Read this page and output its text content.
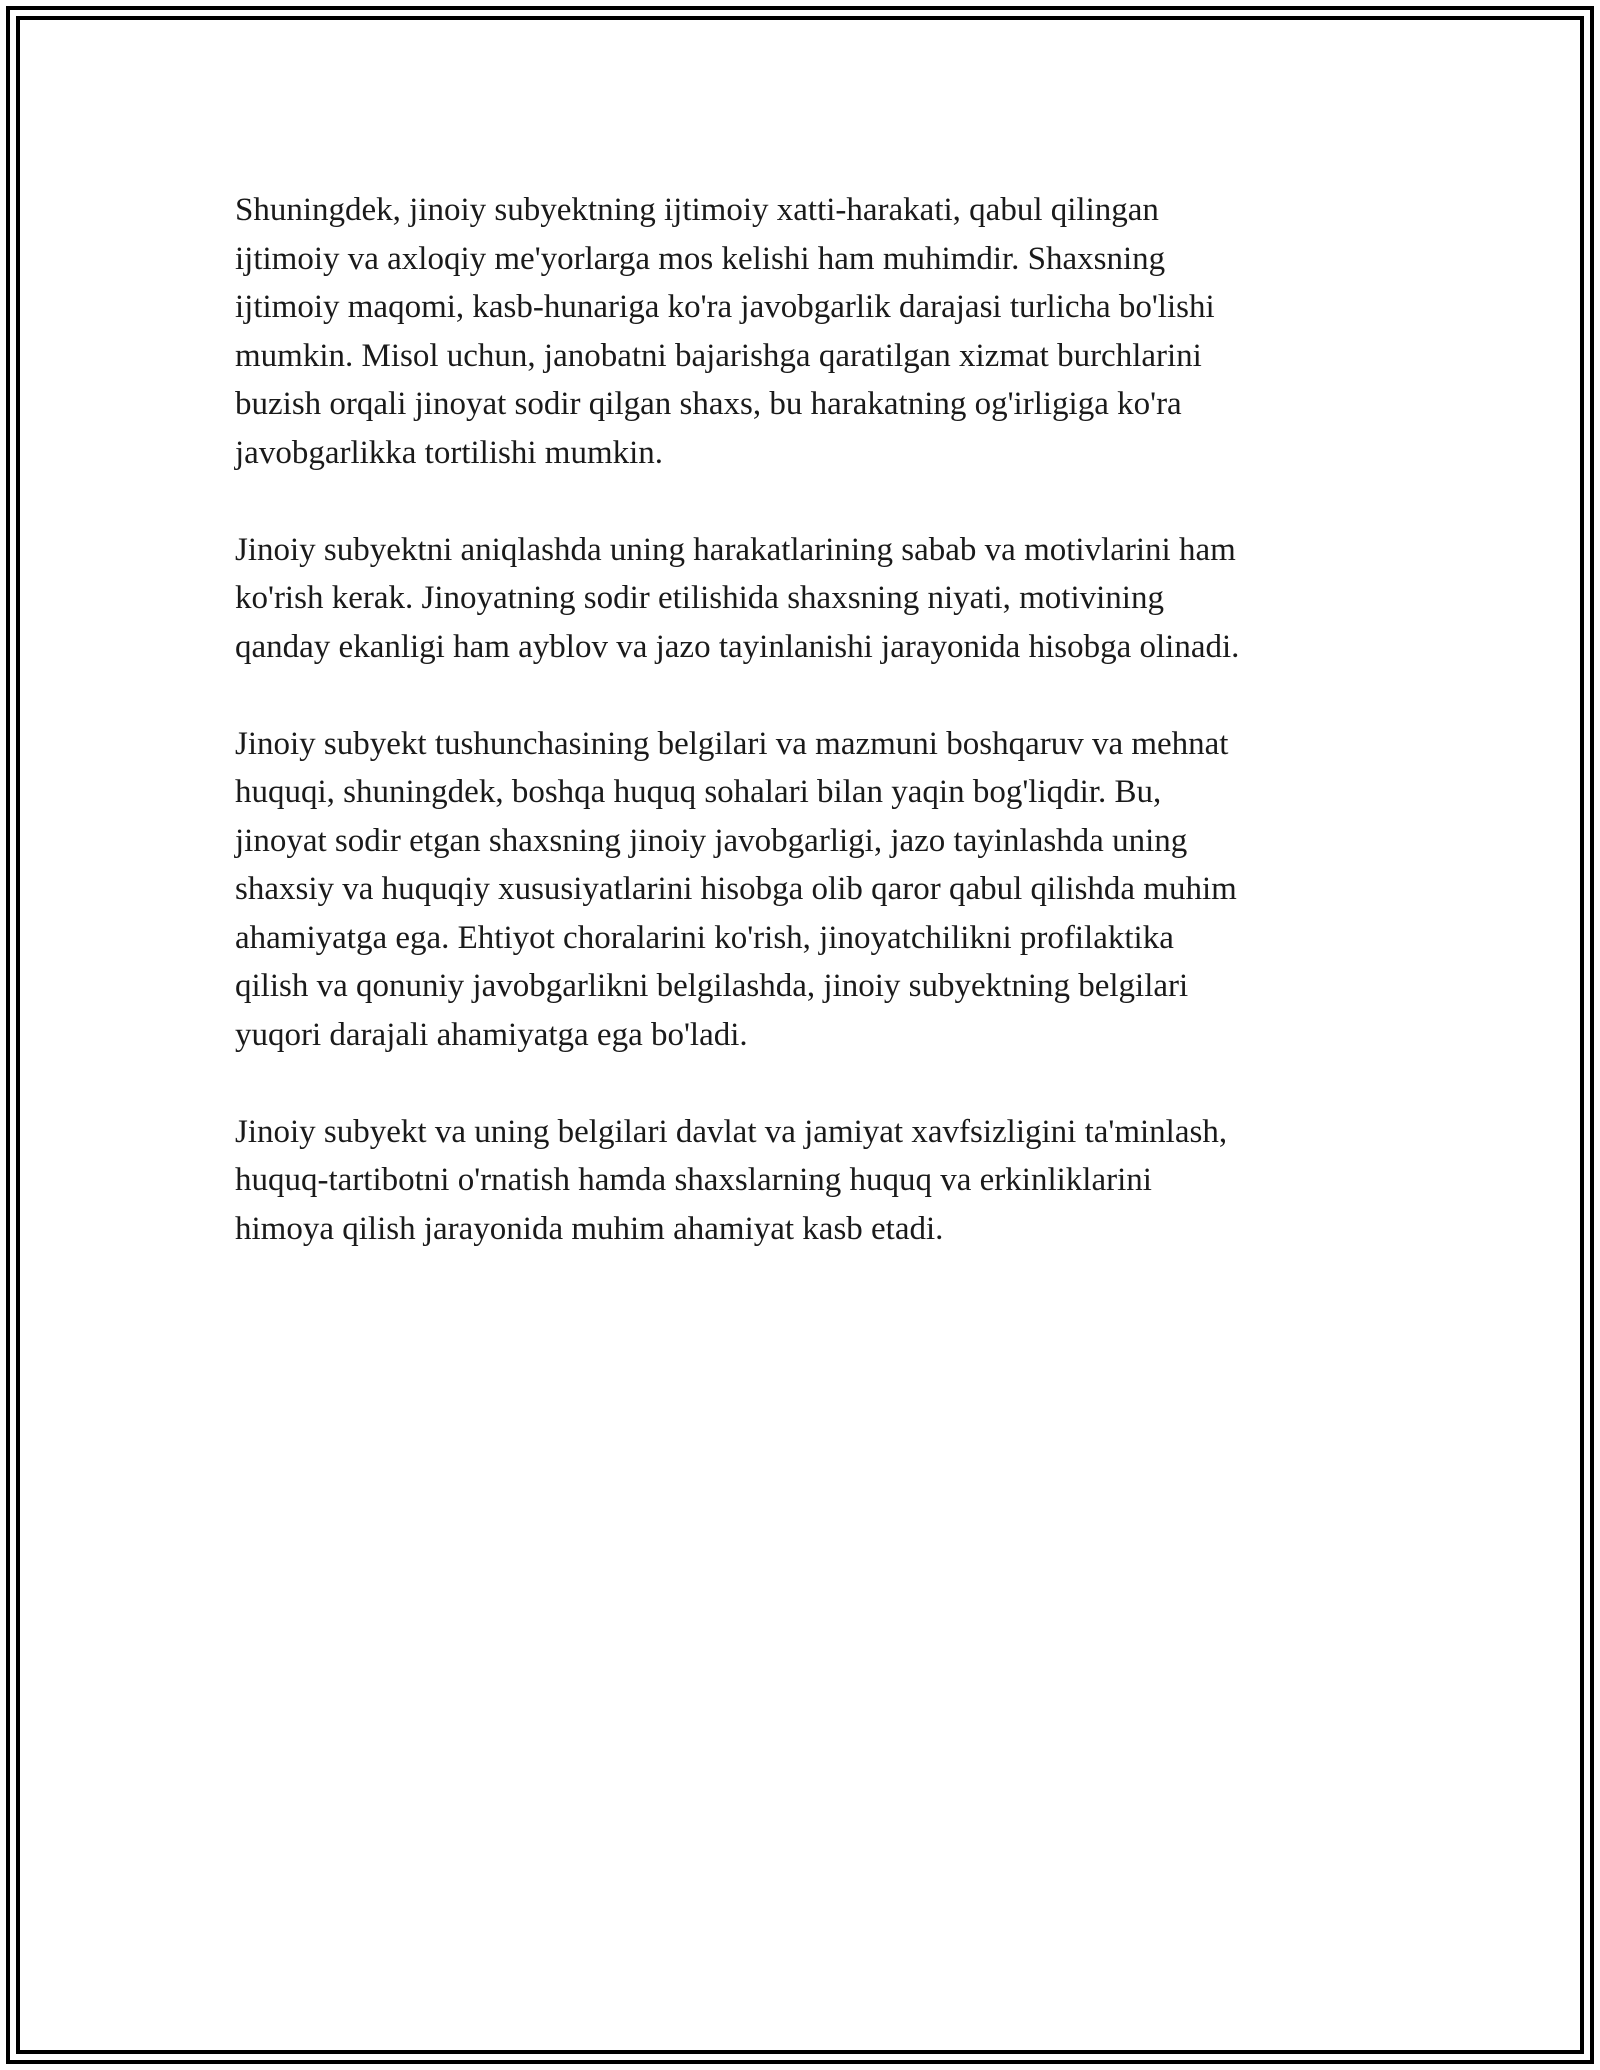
Shuningdek, jinoiy subyektning ijtimoiy xatti-harakati, qabul qilingan
ijtimoiy va axloqiy me'yorlarga mos kelishi ham muhimdir. Shaxsning
ijtimoiy maqomi, kasb-hunariga ko'ra javobgarlik darajasi turlicha bo'lishi
mumkin. Misol uchun, janobatni bajarishga qaratilgan xizmat burchlarini
buzish orqali jinoyat sodir qilgan shaxs, bu harakatning og'irligiga ko'ra
javobgarlikka tortilishi mumkin.

Jinoiy subyektni aniqlashda uning harakatlarining sabab va motivlarini ham
ko'rish kerak. Jinoyatning sodir etilishida shaxsning niyati, motivining
qanday ekanligi ham ayblov va jazo tayinlanishi jarayonida hisobga olinadi.

Jinoiy subyekt tushunchasining belgilari va mazmuni boshqaruv va mehnat
huquqi, shuningdek, boshqa huquq sohalari bilan yaqin bog'liqdir. Bu,
jinoyat sodir etgan shaxsning jinoiy javobgarligi, jazo tayinlashda uning
shaxsiy va huquqiy xususiyatlarini hisobga olib qaror qabul qilishda muhim
ahamiyatga ega. Ehtiyot choralarini ko'rish, jinoyatchilikni profilaktika
qilish va qonuniy javobgarlikni belgilashda, jinoiy subyektning belgilari
yuqori darajali ahamiyatga ega bo'ladi.

Jinoiy subyekt va uning belgilari davlat va jamiyat xavfsizligini ta'minlash,
huquq-tartibotni o'rnatish hamda shaxslarning huquq va erkinliklarini
himoya qilish jarayonida muhim ahamiyat kasb etadi.
